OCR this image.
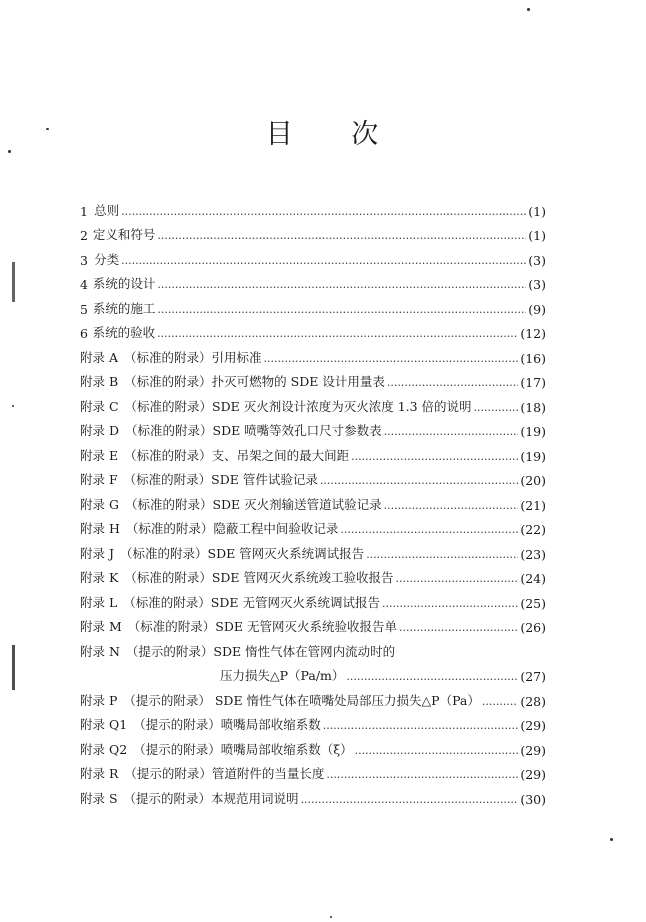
目 次
1 总则 .....	(1)
2 定义和符号 .....	(1)
3 分类 .....	(3)
4 系统的设计 .....	(3)
5 系统的施工 .....	(9)
6 系统的验收 .....	(12)
附录 A （标准的附录）引用标准 .....	(16)
附录 B （标准的附录）扑灭可燃物的 SDE 设计用量表 .....	(17)
附录 C （标准的附录）SDE 灭火剂设计浓度为灭火浓度 1.3 倍的说明 .....	(18)
附录 D （标准的附录）SDE 喷嘴等效孔口尺寸参数表 .....	(19)
附录 E （标准的附录）支、吊架之间的最大间距 .....	(19)
附录 F （标准的附录）SDE 管件试验记录 .....	(20)
附录 G （标准的附录）SDE 灭火剂输送管道试验记录 .....	(21)
附录 H （标准的附录）隐蔽工程中间验收记录 .....	(22)
附录 J （标准的附录）SDE 管网灭火系统调试报告 .....	(23)
附录 K （标准的附录）SDE 管网灭火系统竣工验收报告 .....	(24)
附录 L （标准的附录）SDE 无管网灭火系统调试报告 .....	(25)
附录 M （标准的附录）SDE 无管网灭火系统验收报告单 .....	(26)
附录 N （提示的附录）SDE 惰性气体在管网内流动时的
压力损失△P（Pa/m） .....	(27)
附录 P （提示的附录） SDE 惰性气体在喷嘴处局部压力损失△P（Pa） .....	(28)
附录 Q1 （提示的附录）喷嘴局部收缩系数 .....	(29)
附录 Q2 （提示的附录）喷嘴局部收缩系数（ξ） .....	(29)
附录 R （提示的附录）管道附件的当量长度 .....	(29)
附录 S （提示的附录）本规范用词说明 .....	(30)
